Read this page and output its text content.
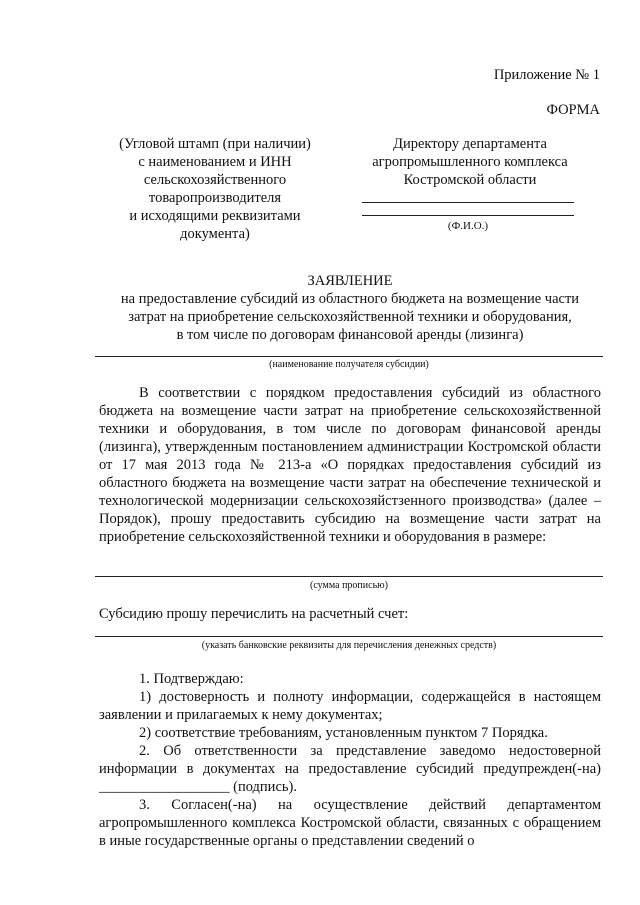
Приложение № 1
ФОРМА
(Угловой штамп (при наличии)
с наименованием и ИНН
сельскохозяйственного
товаропроизводителя
и исходящими реквизитами
документа)
Директору департамента
агропромышленного комплекса
Костромской области
(Ф.И.О.)
ЗАЯВЛЕНИЕ
на предоставление субсидий из областного бюджета на возмещение части
затрат на приобретение сельскохозяйственной техники и оборудования,
в том числе по договорам финансовой аренды (лизинга)
(наименование получателя субсидии)

В соответствии с порядком предоставления субсидий из областного бюджета на возмещение части затрат на приобретение сельскохозяйственной техники и оборудования, в том числе по договорам финансовой аренды (лизинга), утвержденным постановлением администрации Костромской области от 17 мая 2013 года № 213-а «О порядках предоставления субсидий из областного бюджета на возмещение части затрат на обеспечение технической и технологической модернизации сельскохозяйстзенного производства» (далее – Порядок), прошу предоставить субсидию на возмещение части затрат на приобретение сельскохозяйственной техники и оборудования в размере:

(сумма прописью)
Субсидию прошу перечислить на расчетный счет:
(указать банковские реквизиты для перечисления денежных средств)

1. Подтверждаю:

1) достоверность и полноту информации, содержащейся в настоящем заявлении и прилагаемых к нему документах;

2) соответствие требованиям, установленным пунктом 7 Порядка.

2. Об ответственности за представление заведомо недостоверной информации в документах на предоставление субсидий предупрежден(-на) __________________ (подпись).

3. Согласен(-на) на осуществление действий департаментом агропромышленного комплекса Костромской области, связанных с обращением в иные государственные органы о представлении сведений о
